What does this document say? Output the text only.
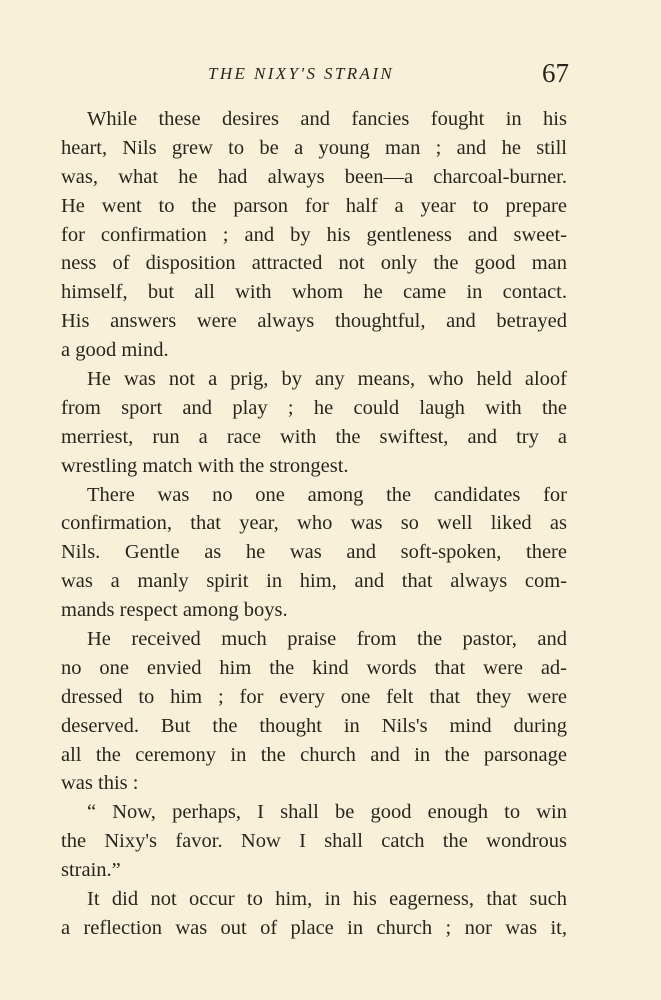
THE NIXY'S STRAIN	67
While these desires and fancies fought in his
heart, Nils grew to be a young man ; and he still
was, what he had always been—a charcoal-burner.
He went to the parson for half a year to prepare
for confirmation ; and by his gentleness and sweet-
ness of disposition attracted not only the good man
himself, but all with whom he came in contact.
His answers were always thoughtful, and betrayed
a good mind.
He was not a prig, by any means, who held aloof
from sport and play ; he could laugh with the
merriest, run a race with the swiftest, and try a
wrestling match with the strongest.
There was no one among the candidates for
confirmation, that year, who was so well liked as
Nils. Gentle as he was and soft-spoken, there
was a manly spirit in him, and that always com-
mands respect among boys.
He received much praise from the pastor, and
no one envied him the kind words that were ad-
dressed to him ; for every one felt that they were
deserved. But the thought in Nils's mind during
all the ceremony in the church and in the parsonage
was this :
“ Now, perhaps, I shall be good enough to win
the Nixy's favor. Now I shall catch the wondrous
strain.”
It did not occur to him, in his eagerness, that such
a reflection was out of place in church ; nor was it,
